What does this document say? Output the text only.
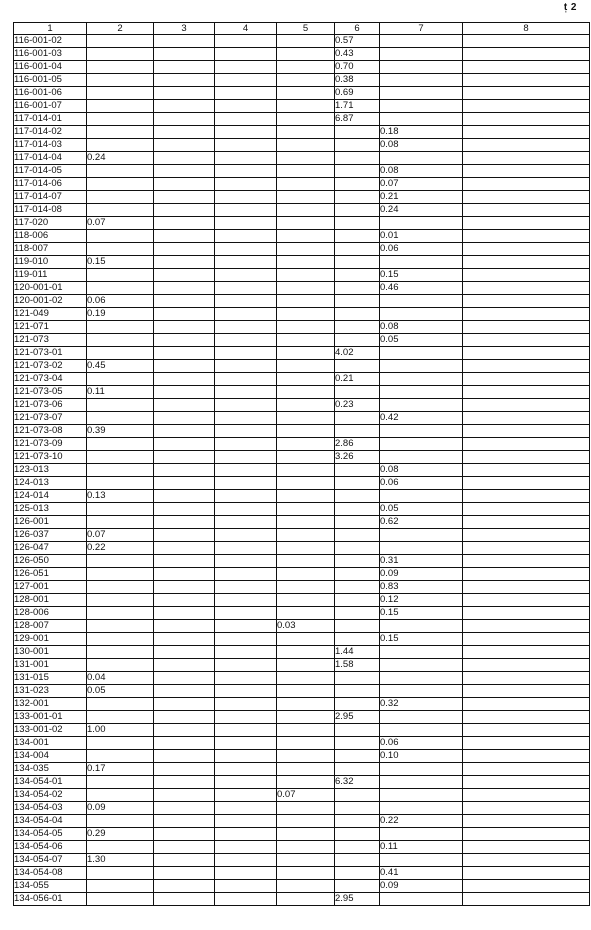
t̩ 2
1	2	3	4	5	6	7	8
116-001-02					0.57		
116-001-03					0.43		
116-001-04					0.70		
116-001-05					0.38		
116-001-06					0.69		
116-001-07					1.71		
117-014-01					6.87		
117-014-02						0.18	
117-014-03						0.08	
117-014-04	0.24						
117-014-05						0.08	
117-014-06						0.07	
117-014-07						0.21	
117-014-08						0.24	
117-020	0.07						
118-006						0.01	
118-007						0.06	
119-010	0.15						
119-011						0.15	
120-001-01						0.46	
120-001-02	0.06						
121-049	0.19						
121-071						0.08	
121-073						0.05	
121-073-01					4.02		
121-073-02	0.45						
121-073-04					0.21		
121-073-05	0.11						
121-073-06					0.23		
121-073-07						0.42	
121-073-08	0.39						
121-073-09					2.86		
121-073-10					3.26		
123-013						0.08	
124-013						0.06	
124-014	0.13						
125-013						0.05	
126-001						0.62	
126-037	0.07						
126-047	0.22						
126-050						0.31	
126-051						0.09	
127-001						0.83	
128-001						0.12	
128-006						0.15	
128-007				0.03			
129-001						0.15	
130-001					1.44		
131-001					1.58		
131-015	0.04						
131-023	0.05						
132-001						0.32	
133-001-01					2.95		
133-001-02	1.00						
134-001						0.06	
134-004						0.10	
134-035	0.17						
134-054-01					6.32		
134-054-02				0.07			
134-054-03	0.09						
134-054-04						0.22	
134-054-05	0.29						
134-054-06						0.11	
134-054-07	1.30						
134-054-08						0.41	
134-055						0.09	
134-056-01					2.95		
